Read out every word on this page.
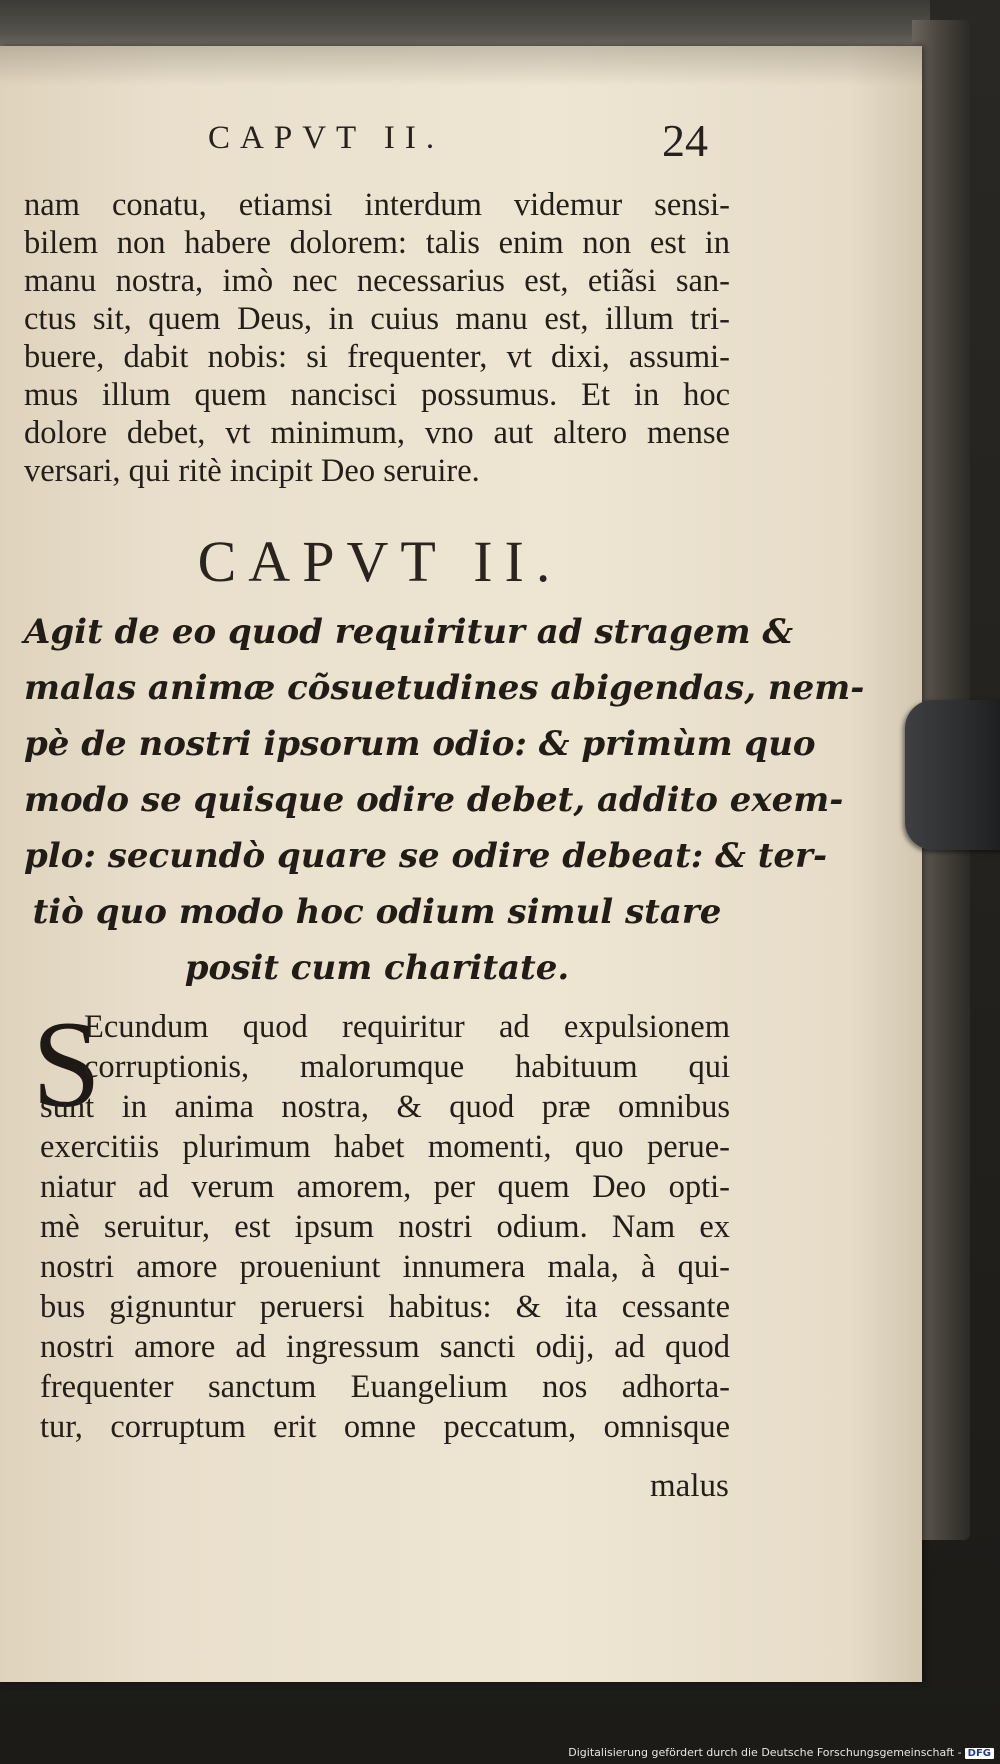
CAPVT II.	24
nam conatu, etiamsi interdum videmur sensi-
bilem non habere dolorem: talis enim non est in
manu nostra, imò nec necessarius est, etiãsi san-
ctus sit, quem Deus, in cuius manu est, illum tri-
buere, dabit nobis: si frequenter, vt dixi, assumi-
mus illum quem nancisci possumus. Et in hoc
dolore debet, vt minimum, vno aut altero mense
versari, qui ritè incipit Deo seruire.
CAPVT II.
Agit de eo quod requiritur ad stragem &
malas animæ cõsuetudines abigendas, nem-
pè de nostri ipsorum odio: & primùm quo
modo se quisque odire debet, addito exem-
plo: secundò quare se odire debeat: & ter-
tiò quo modo hoc odium simul stare
posit cum charitate.
S
Ecundum quod requiritur ad expulsionem
corruptionis, malorumque habituum qui
sunt in anima nostra, & quod præ omnibus
exercitiis plurimum habet momenti, quo perue-
niatur ad verum amorem, per quem Deo opti-
mè seruitur, est ipsum nostri odium. Nam ex
nostri amore proueniunt innumera mala, à qui-
bus gignuntur peruersi habitus: & ita cessante
nostri amore ad ingressum sancti odij, ad quod
frequenter sanctum Euangelium nos adhorta-
tur, corruptum erit omne peccatum, omnisque
malus
Digitalisierung gefördert durch die Deutsche Forschungsgemeinschaft - DFG
